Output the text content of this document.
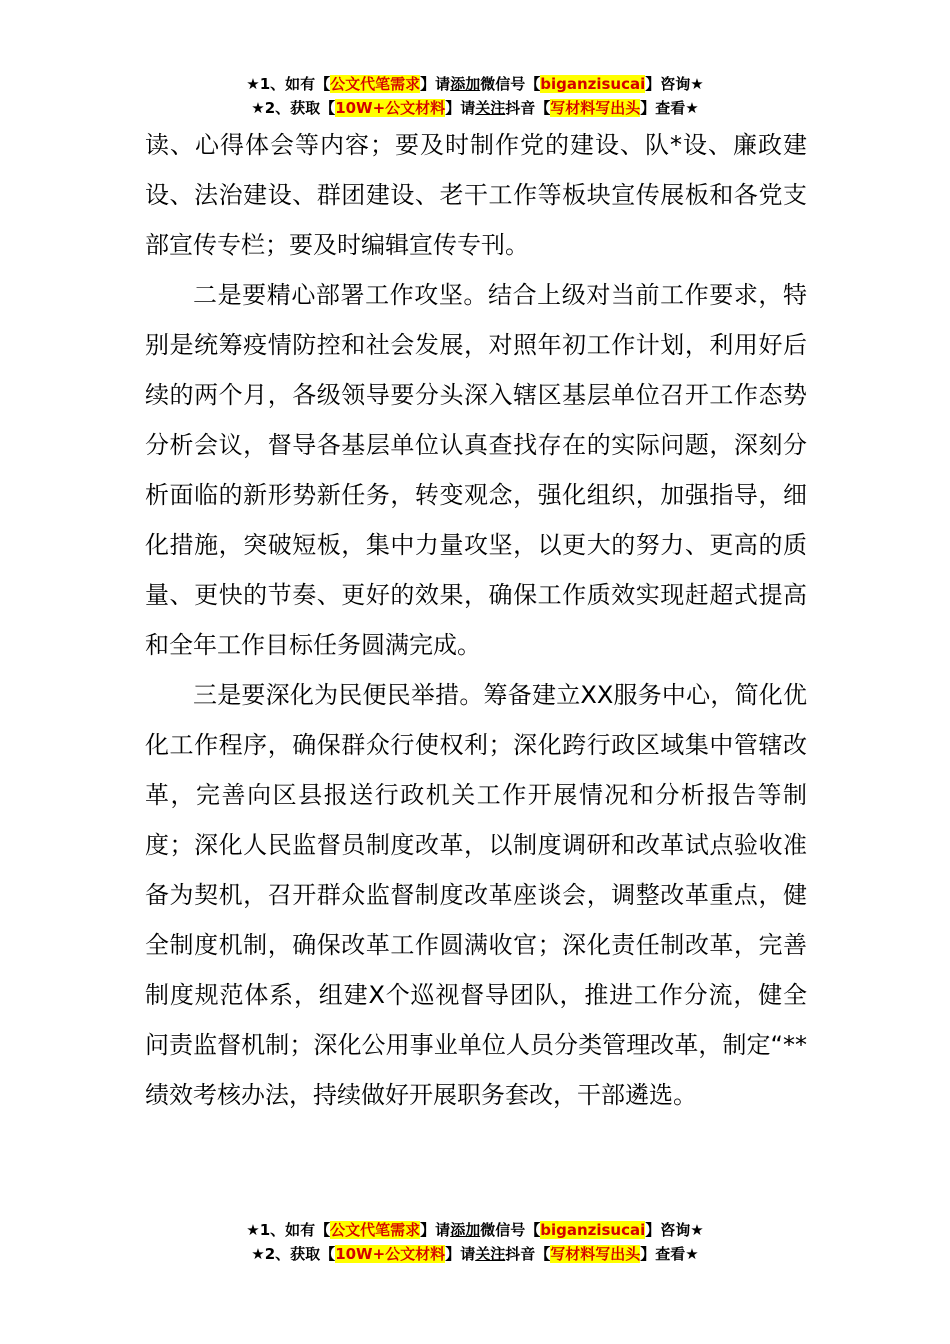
★1、如有【公文代笔需求】请添加微信号【biganzisucai】咨询★
★2、获取【10W+公文材料】请关注抖音【写材料写出头】查看★

读、心得体会等内容；要及时制作党的建设、队*设、廉政建设、法治建设、群团建设、老干工作等板块宣传展板和各党支部宣传专栏；要及时编辑宣传专刊。

二是要精心部署工作攻坚。结合上级对当前工作要求，特别是统筹疫情防控和社会发展，对照年初工作计划，利用好后续的两个月，各级领导要分头深入辖区基层单位召开工作态势分析会议，督导各基层单位认真查找存在的实际问题，深刻分析面临的新形势新任务，转变观念，强化组织，加强指导，细化措施，突破短板，集中力量攻坚，以更大的努力、更高的质量、更快的节奏、更好的效果，确保工作质效实现赶超式提高和全年工作目标任务圆满完成。

三是要深化为民便民举措。筹备建立XX服务中心，简化优化工作程序，确保群众行使权利；深化跨行政区域集中管辖改革，完善向区县报送行政机关工作开展情况和分析报告等制度；深化人民监督员制度改革，以制度调研和改革试点验收准备为契机，召开群众监督制度改革座谈会，调整改革重点，健全制度机制，确保改革工作圆满收官；深化责任制改革，完善制度规范体系，组建X个巡视督导团队，推进工作分流，健全问责监督机制；深化公用事业单位人员分类管理改革，制定“**绩效考核办法，持续做好开展职务套改，干部遴选。

★1、如有【公文代笔需求】请添加微信号【biganzisucai】咨询★
★2、获取【10W+公文材料】请关注抖音【写材料写出头】查看★
